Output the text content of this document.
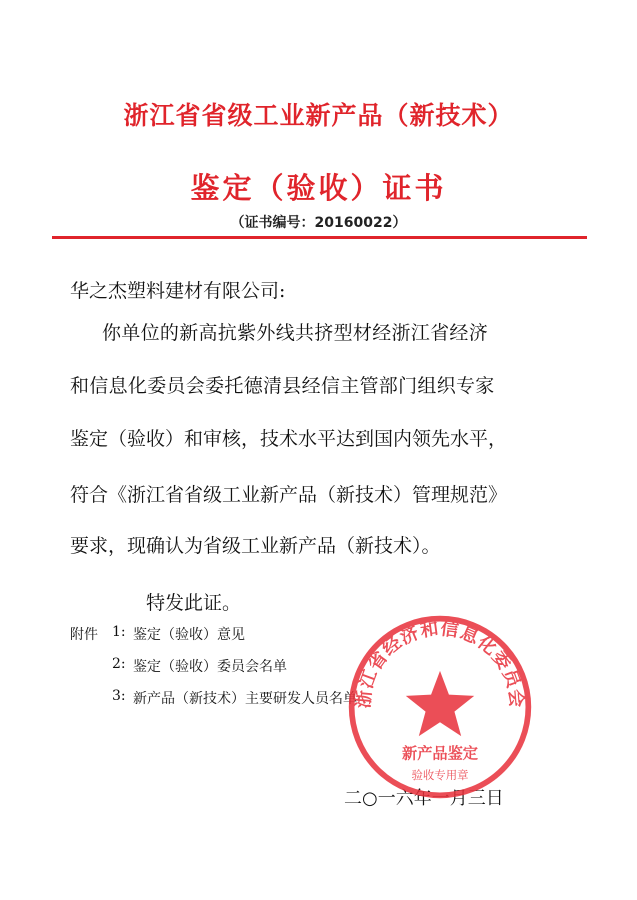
浙江省省级工业新产品（新技术）
鉴定（验收）证书
（证书编号：20160022）
华之杰塑料建材有限公司:
你单位的新高抗紫外线共挤型材经浙江省经济
和信息化委员会委托德清县经信主管部门组织专家
鉴定（验收）和审核，技术水平达到国内领先水平，
符合《浙江省省级工业新产品（新技术）管理规范》
要求，现确认为省级工业新产品（新技术）。
特发此证。
附件 1: 鉴定（验收）意见
2: 鉴定（验收）委员会名单
3: 新产品（新技术）主要研发人员名单
二○一六年一月三日
浙江省经济和信息化委员会
新产品鉴定
验收专用章
